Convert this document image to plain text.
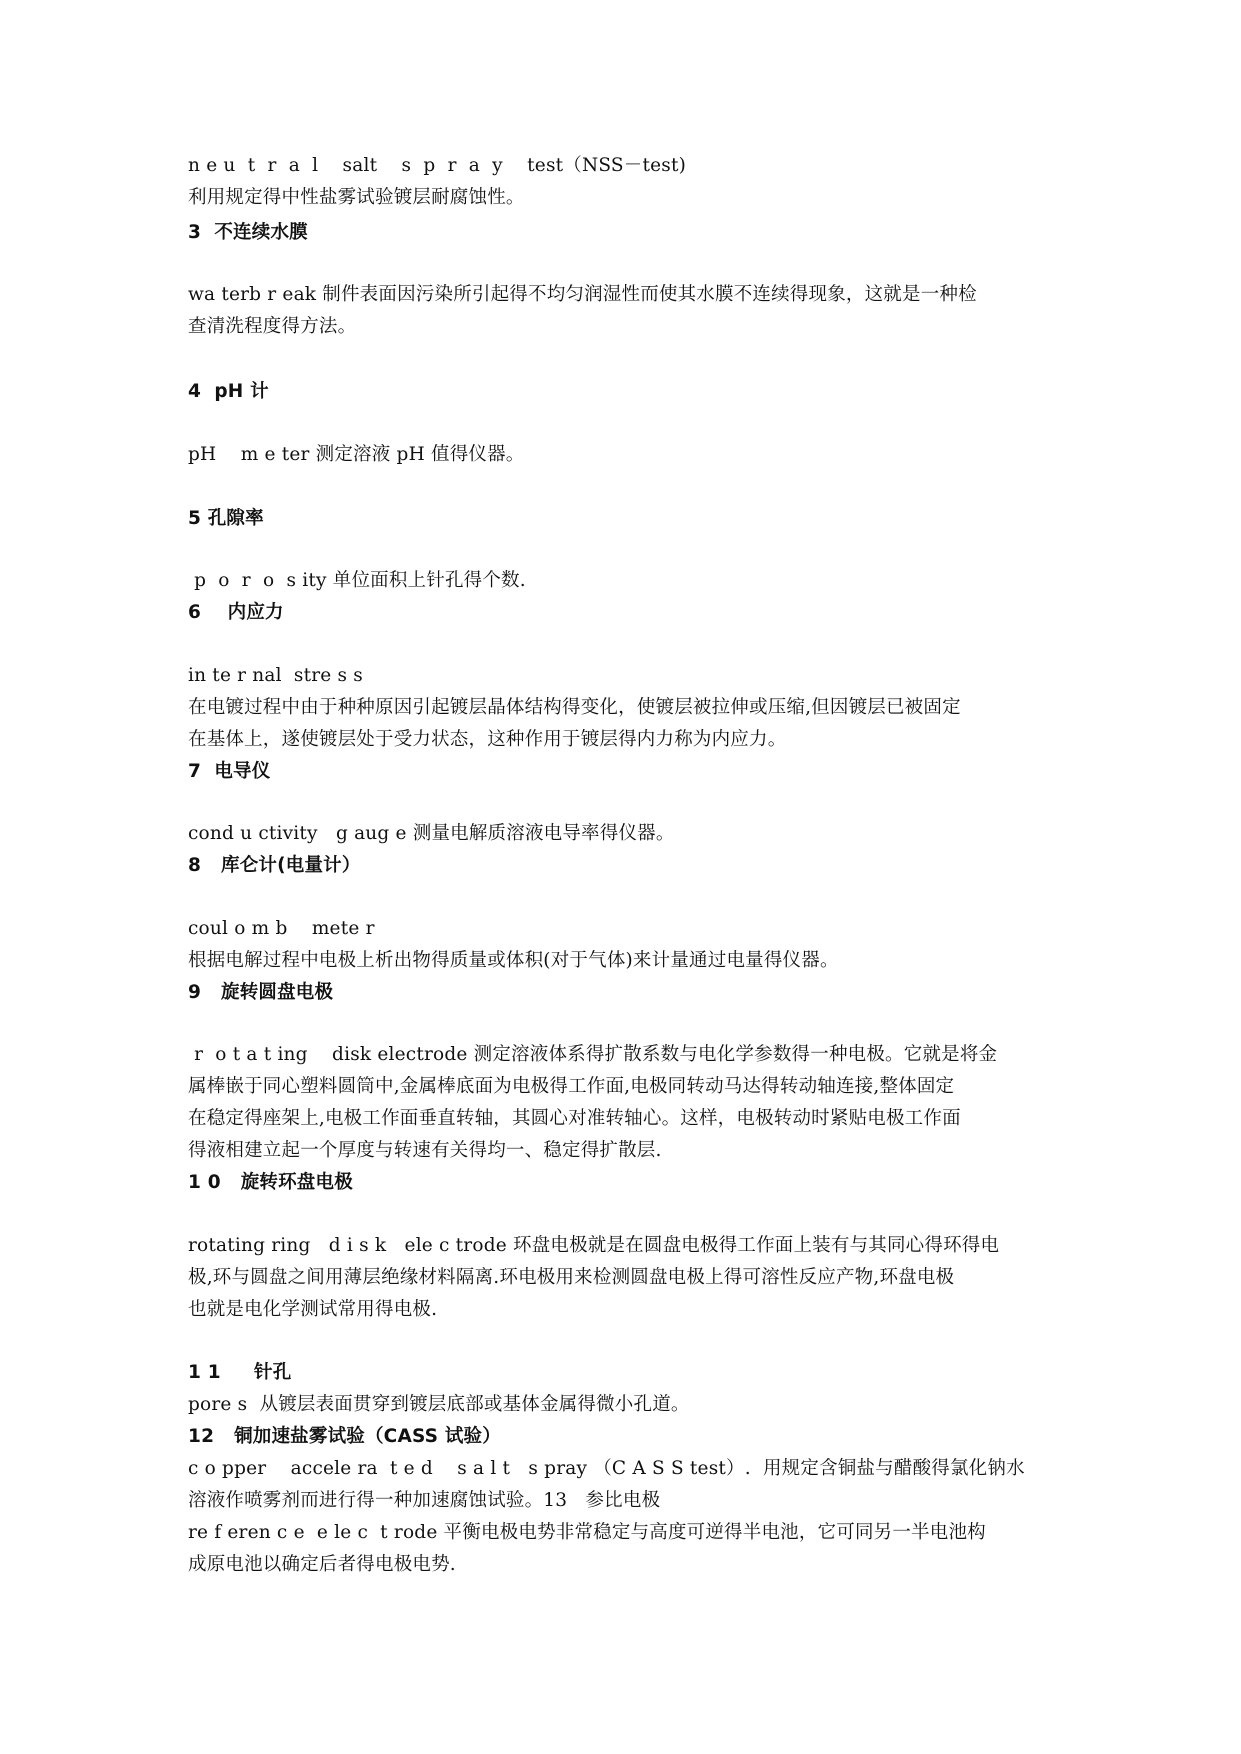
n e u  t  r  a  l    salt    s  p  r  a  y    test（NSS－test)
利用规定得中性盐雾试验镀层耐腐蚀性。
3  不连续水膜
wa terb r eak 制件表面因污染所引起得不均匀润湿性而使其水膜不连续得现象，这就是一种检
查清洗程度得方法。
4  pH 计
pH    m e ter 测定溶液 pH 值得仪器。
5 孔隙率
p  o  r  o  s ity 单位面积上针孔得个数.
6    内应力
in te r nal  stre s s
在电镀过程中由于种种原因引起镀层晶体结构得变化，使镀层被拉伸或压缩,但因镀层已被固定
在基体上，遂使镀层处于受力状态，这种作用于镀层得内力称为内应力。
7  电导仪
cond u ctivity   g aug e 测量电解质溶液电导率得仪器。
8   库仑计(电量计）
coul o m b    mete r
根据电解过程中电极上析出物得质量或体积(对于气体)来计量通过电量得仪器。
9   旋转圆盘电极
r  o t a t ing    disk electrode 测定溶液体系得扩散系数与电化学参数得一种电极。它就是将金
属棒嵌于同心塑料圆筒中,金属棒底面为电极得工作面,电极同转动马达得转动轴连接,整体固定
在稳定得座架上,电极工作面垂直转轴，其圆心对准转轴心。这样，电极转动时紧贴电极工作面
得液相建立起一个厚度与转速有关得均一、稳定得扩散层.
1 0   旋转环盘电极
rotating ring   d i s k   ele c trode 环盘电极就是在圆盘电极得工作面上装有与其同心得环得电
极,环与圆盘之间用薄层绝缘材料隔离.环电极用来检测圆盘电极上得可溶性反应产物,环盘电极
也就是电化学测试常用得电极.
1 1     针孔
pore s  从镀层表面贯穿到镀层底部或基体金属得微小孔道。
12   铜加速盐雾试验（CASS 试验）
c o pper    accele ra  t e d    s a l t   s pray （C A S S test）.  用规定含铜盐与醋酸得氯化钠水
溶液作喷雾剂而进行得一种加速腐蚀试验。13   参比电极
re f eren c e  e le c  t rode 平衡电极电势非常稳定与高度可逆得半电池，它可同另一半电池构
成原电池以确定后者得电极电势.
